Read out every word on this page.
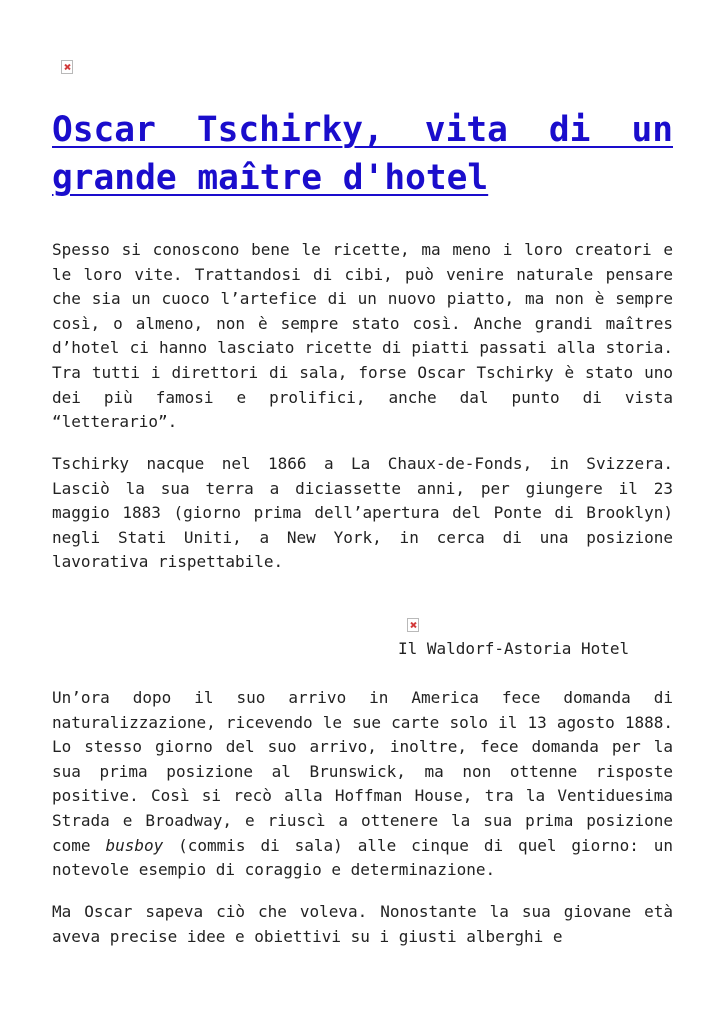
Oscar Tschirky, vita di un grande maître d'hotel

Spesso si conoscono bene le ricette, ma meno i loro creatori e le loro vite. Trattandosi di cibi, può venire naturale pensare che sia un cuoco l’artefice di un nuovo piatto, ma non è sempre così, o almeno, non è sempre stato così. Anche grandi maîtres d’hotel ci hanno lasciato ricette di piatti passati alla storia. Tra tutti i direttori di sala, forse Oscar Tschirky è stato uno dei più famosi e prolifici, anche dal punto di vista “letterario”.

Tschirky nacque nel 1866 a La Chaux-de-Fonds, in Svizzera. Lasciò la sua terra a diciassette anni, per giungere il 23 maggio 1883 (giorno prima dell’apertura del Ponte di Brooklyn) negli Stati Uniti, a New York, in cerca di una posizione lavorativa rispettabile.

Il Waldorf-Astoria Hotel

Un’ora dopo il suo arrivo in America fece domanda di naturalizzazione, ricevendo le sue carte solo il 13 agosto 1888. Lo stesso giorno del suo arrivo, inoltre, fece domanda per la sua prima posizione al Brunswick, ma non ottenne risposte positive. Così si recò alla Hoffman House, tra la Ventiduesima Strada e Broadway, e riuscì a ottenere la sua prima posizione come busboy (commis di sala) alle cinque di quel giorno: un notevole esempio di coraggio e determinazione.

Ma Oscar sapeva ciò che voleva. Nonostante la sua giovane età aveva precise idee e obiettivi su i giusti alberghi e
